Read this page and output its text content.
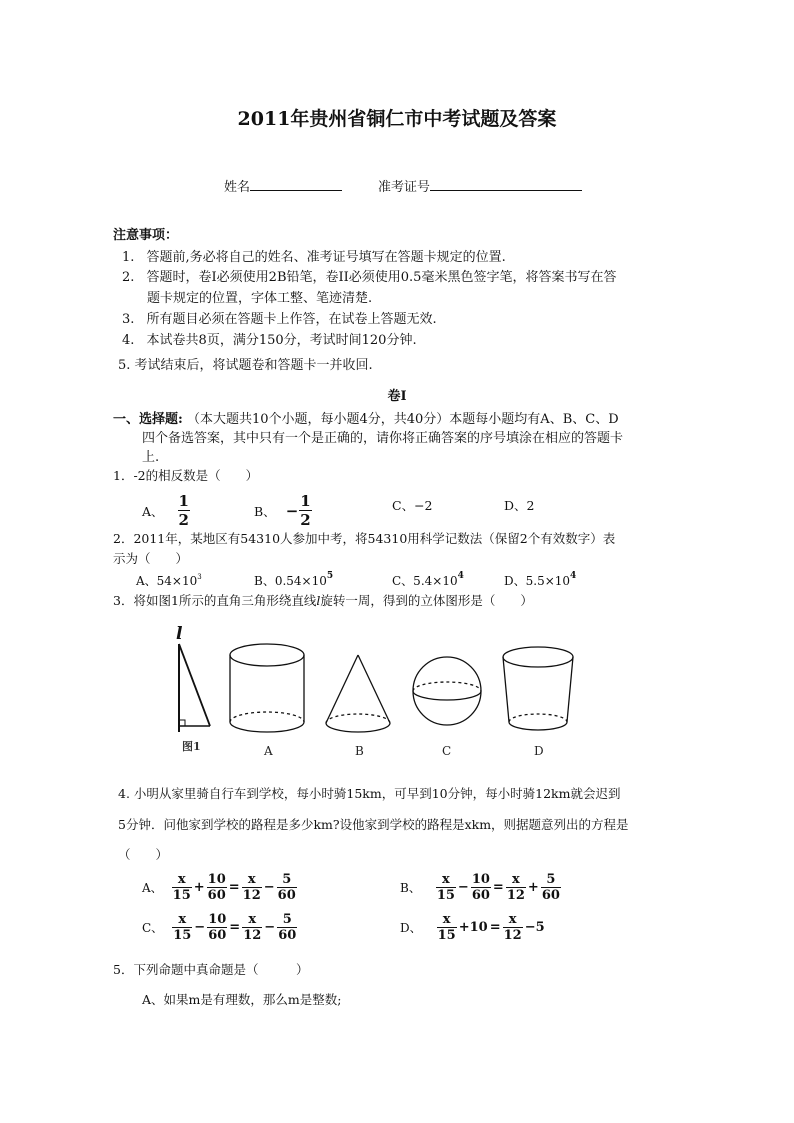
2011年贵州省铜仁市中考试题及答案
姓名	准考证号
注意事项：
1. 答题前,务必将自己的姓名、准考证号填写在答题卡规定的位置.
2. 答题时，卷I必须使用2B铅笔，卷II必须使用0.5毫米黑色签字笔，将答案书写在答
题卡规定的位置，字体工整、笔迹清楚.
3. 所有题目必须在答题卡上作答，在试卷上答题无效.
4. 本试卷共8页，满分150分，考试时间120分钟.
5. 考试结束后，将试题卷和答题卡一并收回.
卷I
一、选择题: （本大题共10个小题，每小题4分，共40分）本题每小题均有A、B、C、D
四个备选答案，其中只有一个是正确的，请你将正确答案的序号填涂在相应的答题卡
上.
1．-2的相反数是（　　）
A、 $\frac{1}{2}$	B、 − $\frac{1}{2}$	C、−2	D、2
2．2011年，某地区有54310人参加中考，将54310用科学记数法（保留2个有效数字）表
示为（　　）
A、$54\times 10^3$	B、$0.54\times 10^5$	C、$5.4\times 10^4$	D、$5.5\times 10^4$
3．将如图1所示的直角三角形绕直线l旋转一周，得到的立体图形是（　　）
l
图1	A	B	C	D
4. 小明从家里骑自行车到学校，每小时骑15km，可早到10分钟，每小时骑12km就会迟到
5分钟．问他家到学校的路程是多少km?设他家到学校的路程是xkm，则据题意列出的方程是
（　　）
A、 $\frac{x}{15} + \frac{10}{60} = \frac{x}{12} - \frac{5}{60}$	B、 $\frac{x}{15} - \frac{10}{60} = \frac{x}{12} + \frac{5}{60}$
C、 $\frac{x}{15} - \frac{10}{60} = \frac{x}{12} - \frac{5}{60}$	D、 $\frac{x}{15} +10 = \frac{x}{12} -5$
5．下列命题中真命题是（　　　）
A、如果m是有理数，那么m是整数;
